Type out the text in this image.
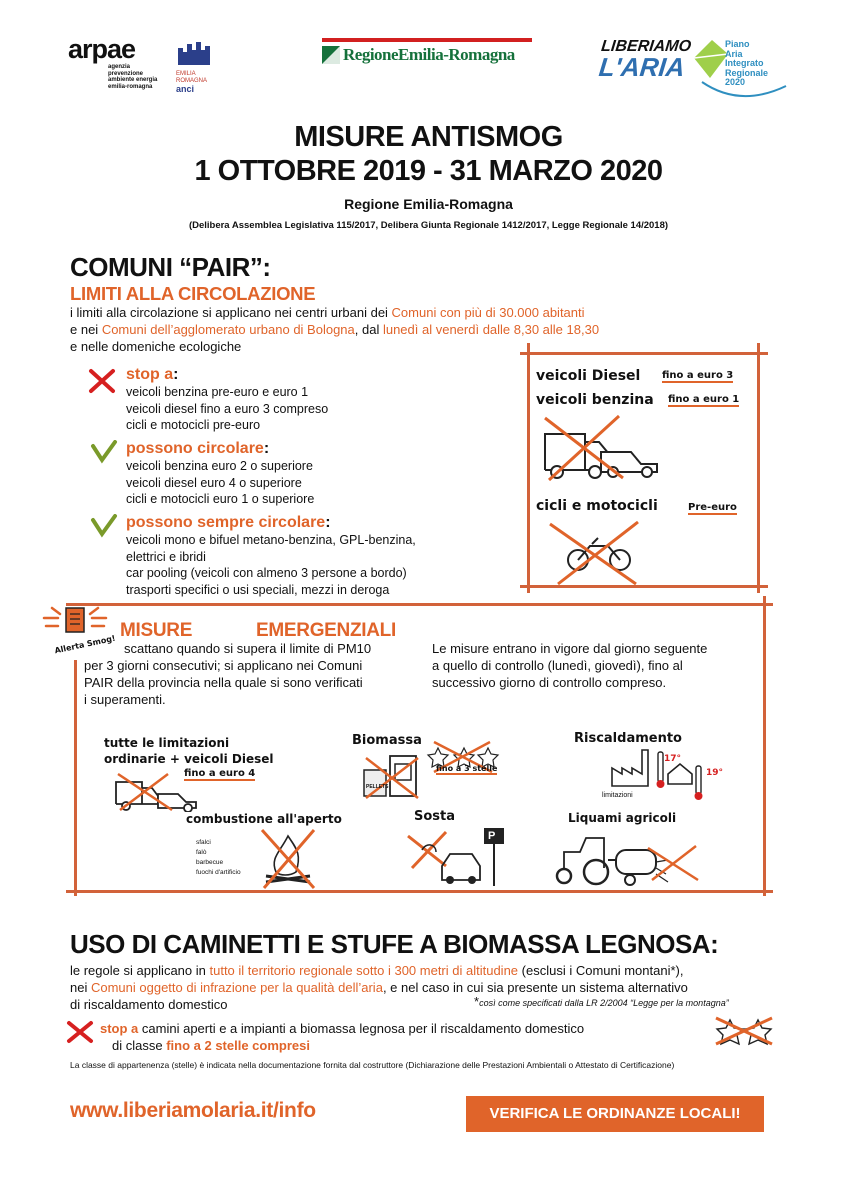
arpae
agenzia
prevenzione
ambiente energia
emilia-romagna
EMILIA
ROMAGNA
anci
RegioneEmilia-Romagna	LIBERIAMO
L'ARIA
Piano
Aria
Integrato
Regionale
2020
MISURE ANTISMOG
1 OTTOBRE 2019 - 31 MARZO 2020
Regione Emilia-Romagna
(Delibera Assemblea Legislativa 115/2017, Delibera Giunta Regionale 1412/2017, Legge Regionale 14/2018)
COMUNI “PAIR”:
LIMITI ALLA CIRCOLAZIONE
i limiti alla circolazione si applicano nei centri urbani dei Comuni con più di 30.000 abitanti
e nei Comuni dell’agglomerato urbano di Bologna, dal lunedì al venerdì dalle 8,30 alle 18,30
e nelle domeniche ecologiche
stop a:
veicoli benzina pre-euro e euro 1
veicoli diesel fino a euro 3 compreso
cicli e motocicli pre-euro
possono circolare:
veicoli benzina euro 2 o superiore
veicoli diesel euro 4 o superiore
cicli e motocicli euro 1 o superiore
possono sempre circolare:
veicoli mono e bifuel metano-benzina, GPL-benzina,
elettrici e ibridi
car pooling (veicoli con almeno 3 persone a bordo)
trasporti specifici o usi speciali, mezzi in deroga
veicoli Diesel fino a euro 3
veicoli benzina fino a euro 1
cicli e motocicli	Pre-euro
Allerta Smog!
MISURE	EMERGENZIALI
scattano quando si supera il limite di PM10
per 3 giorni consecutivi; si applicano nei Comuni
PAIR della provincia nella quale si sono verificati
i superamenti.
Le misure entrano in vigore dal giorno seguente
a quello di controllo (lunedì, giovedì), fino al
successivo giorno di controllo compreso.
tutte le limitazioni
ordinarie + veicoli Diesel
fino a euro 4
Biomassa
PELLETS
fino a 3 stelle
Riscaldamento
17°
19°
limitazioni
combustione all'aperto
sfalci
falò
barbecue
fuochi d'artificio
Sosta
P
Liquami agricoli
USO DI CAMINETTI E STUFE A BIOMASSA LEGNOSA:
le regole si applicano in tutto il territorio regionale sotto i 300 metri di altitudine (esclusi i Comuni montani*),
nei Comuni oggetto di infrazione per la qualità dell’aria, e nel caso in cui sia presente un sistema alternativo
di riscaldamento domestico	*così come specificati dalla LR 2/2004 “Legge per la montagna”
stop a camini aperti e a impianti a biomassa legnosa per il riscaldamento domestico
di classe fino a 2 stelle compresi
La classe di appartenenza (stelle) è indicata nella documentazione fornita dal costruttore (Dichiarazione delle Prestazioni Ambientali o Attestato di Certificazione)
www.liberiamolaria.it/info	VERIFICA LE ORDINANZE LOCALI!
